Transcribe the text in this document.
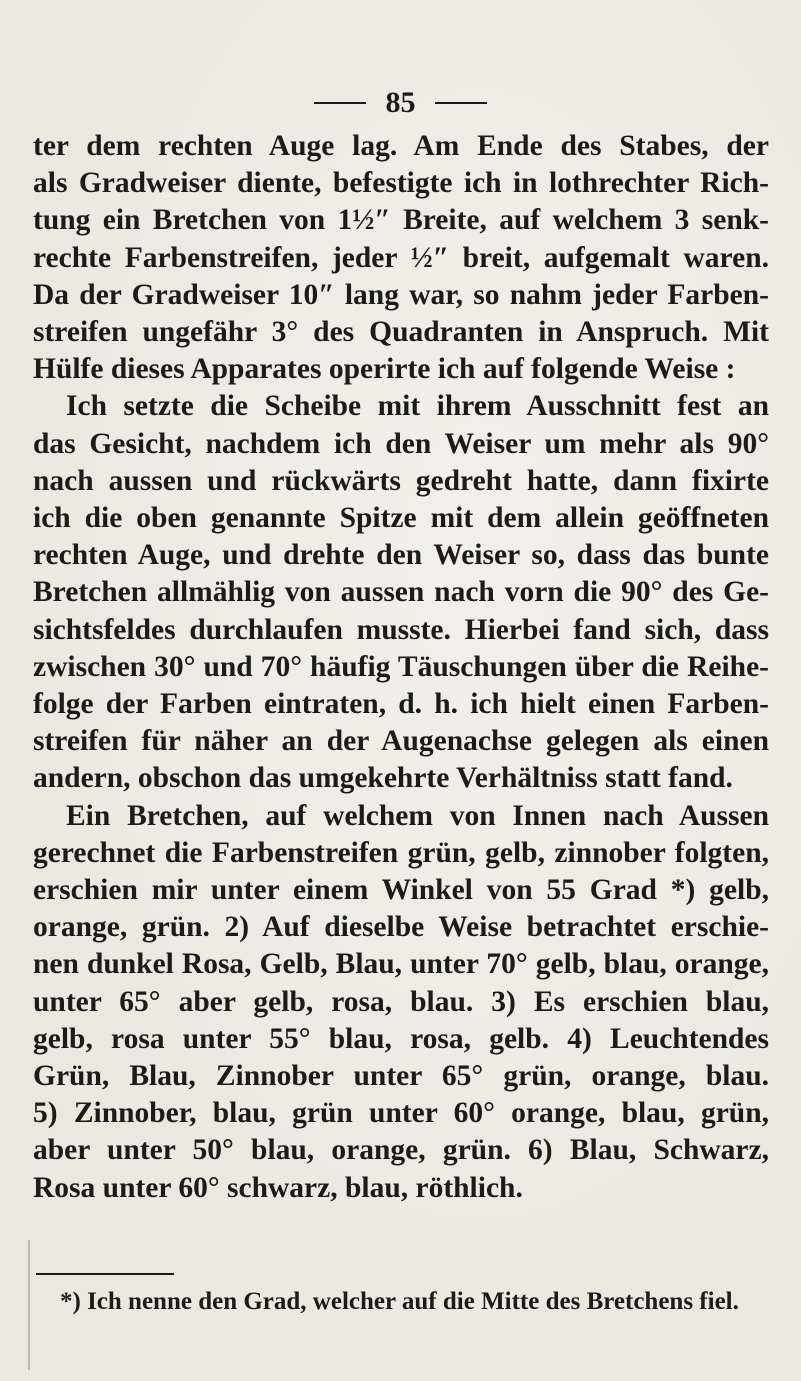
85
ter dem rechten Auge lag. Am Ende des Stabes, der
als Gradweiser diente, befestigte ich in lothrechter Rich-
tung ein Bretchen von 1½″ Breite, auf welchem 3 senk-
rechte Farbenstreifen, jeder ½″ breit, aufgemalt waren.
Da der Gradweiser 10″ lang war, so nahm jeder Farben-
streifen ungefähr 3° des Quadranten in Anspruch. Mit
Hülfe dieses Apparates operirte ich auf folgende Weise :
Ich setzte die Scheibe mit ihrem Ausschnitt fest an
das Gesicht, nachdem ich den Weiser um mehr als 90°
nach aussen und rückwärts gedreht hatte, dann fixirte
ich die oben genannte Spitze mit dem allein geöffneten
rechten Auge, und drehte den Weiser so, dass das bunte
Bretchen allmählig von aussen nach vorn die 90° des Ge-
sichtsfeldes durchlaufen musste. Hierbei fand sich, dass
zwischen 30° und 70° häufig Täuschungen über die Reihe-
folge der Farben eintraten, d. h. ich hielt einen Farben-
streifen für näher an der Augenachse gelegen als einen
andern, obschon das umgekehrte Verhältniss statt fand.
Ein Bretchen, auf welchem von Innen nach Aussen
gerechnet die Farbenstreifen grün, gelb, zinnober folgten,
erschien mir unter einem Winkel von 55 Grad *) gelb,
orange, grün. 2) Auf dieselbe Weise betrachtet erschie-
nen dunkel Rosa, Gelb, Blau, unter 70° gelb, blau, orange,
unter 65° aber gelb, rosa, blau. 3) Es erschien blau,
gelb, rosa unter 55° blau, rosa, gelb. 4) Leuchtendes
Grün, Blau, Zinnober unter 65° grün, orange, blau.
5) Zinnober, blau, grün unter 60° orange, blau, grün,
aber unter 50° blau, orange, grün. 6) Blau, Schwarz,
Rosa unter 60° schwarz, blau, röthlich.
*) Ich nenne den Grad, welcher auf die Mitte des Bretchens fiel.
